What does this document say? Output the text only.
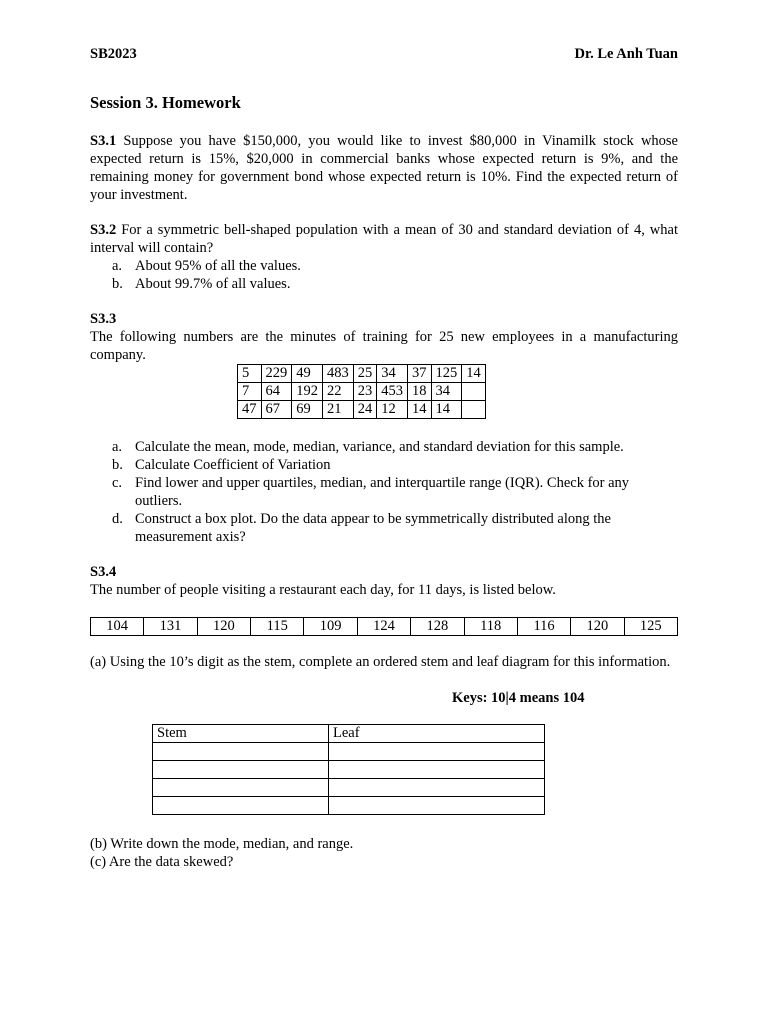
SB2023	Dr. Le Anh Tuan
Session 3. Homework

S3.1 Suppose you have $150,000, you would like to invest $80,000 in Vinamilk stock whose expected return is 15%, $20,000 in commercial banks whose expected return is 9%, and the remaining money for government bond whose expected return is 10%. Find the expected return of your investment.

S3.2 For a symmetric bell-shaped population with a mean of 30 and standard deviation of 4, what interval will contain?

a. About 95% of all the values.
b. About 99.7% of all values.

S3.3

The following numbers are the minutes of training for 25 new employees in a manufacturing company.

5	229	49	483	25	34	37	125	14
7	64	192	22	23	453	18	34	
47	67	69	21	24	12	14	14	
a. Calculate the mean, mode, median, variance, and standard deviation for this sample.
b. Calculate Coefficient of Variation
c. Find lower and upper quartiles, median, and interquartile range (IQR). Check for any outliers.
d. Construct a box plot. Do the data appear to be symmetrically distributed along the measurement axis?

S3.4

The number of people visiting a restaurant each day, for 11 days, is listed below.

104	131	120	115	109	124	128	118	116	120	125

(a) Using the 10’s digit as the stem, complete an ordered stem and leaf diagram for this information.

Keys: 10|4 means 104
Stem	Leaf

(b) Write down the mode, median, and range.

(c) Are the data skewed?
